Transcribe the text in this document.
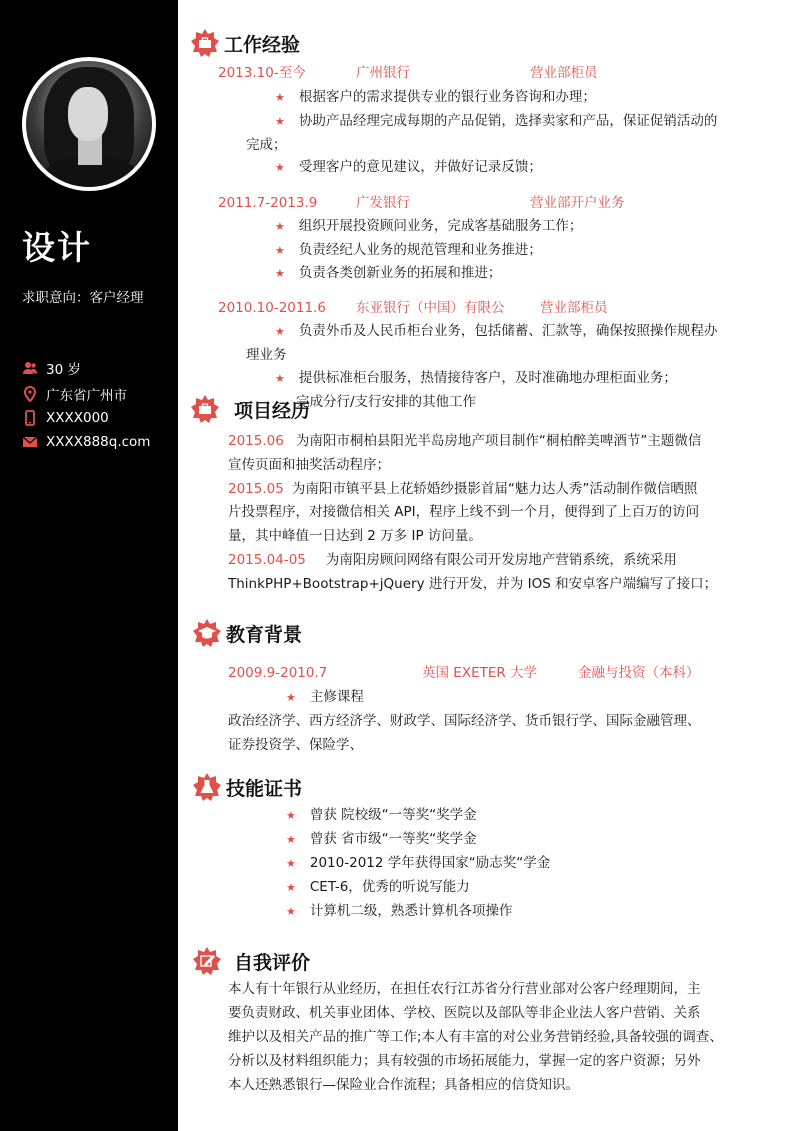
设计
求职意向：客户经理
30 岁
广东省广州市
XXXX000
XXXX888q.com
工作经验
2013.10-至今	广州银行	营业部柜员
★ 根据客户的需求提供专业的银行业务咨询和办理；
★ 协助产品经理完成每期的产品促销，选择卖家和产品，保证促销活动的
完成；
★ 受理客户的意见建议，并做好记录反馈；
2011.7-2013.9	广发银行	营业部开户业务
★ 组织开展投资顾问业务，完成客基础服务工作；
★ 负责经纪人业务的规范管理和业务推进；
★ 负责各类创新业务的拓展和推进；
2010.10-2011.6 东亚银行（中国）有限公	营业部柜员
★ 负责外币及人民币柜台业务，包括储蓄、汇款等，确保按照操作规程办
理业务
★ 提供标准柜台服务，热情接待客户，及时准确地办理柜面业务；
完成分行/支行安排的其他工作
项目经历
2015.06 为南阳市桐柏县阳光半岛房地产项目制作“桐柏醉美啤酒节”主题微信
宣传页面和抽奖活动程序；
2015.05 为南阳市镇平县上花轿婚纱摄影首届“魅力达人秀”活动制作微信晒照
片投票程序，对接微信相关 API，程序上线不到一个月，便得到了上百万的访问
量，其中峰值一日达到 2 万多 IP 访问量。
2015.04-05 为南阳房顾问网络有限公司开发房地产营销系统，系统采用
ThinkPHP+Bootstrap+jQuery 进行开发，并为 IOS 和安卓客户端编写了接口；
教育背景
2009.9-2010.7	英国 EXETER 大学	金融与投资（本科）
★ 主修课程
政治经济学、西方经济学、财政学、国际经济学、货币银行学、国际金融管理、
证券投资学、保险学、
技能证书
★ 曾获 院校级“一等奖“奖学金
★ 曾获 省市级“一等奖“奖学金
★ 2010-2012 学年获得国家“励志奖“学金
★ CET-6，优秀的听说写能力
★ 计算机二级，熟悉计算机各项操作
自我评价
本人有十年银行从业经历，在担任农行江苏省分行营业部对公客户经理期间，主
要负责财政、机关事业团体、学校、医院以及部队等非企业法人客户营销、关系
维护以及相关产品的推广等工作;本人有丰富的对公业务营销经验,具备较强的调查、
分析以及材料组织能力；具有较强的市场拓展能力，掌握一定的客户资源；另外
本人还熟悉银行—保险业合作流程；具备相应的信贷知识。
